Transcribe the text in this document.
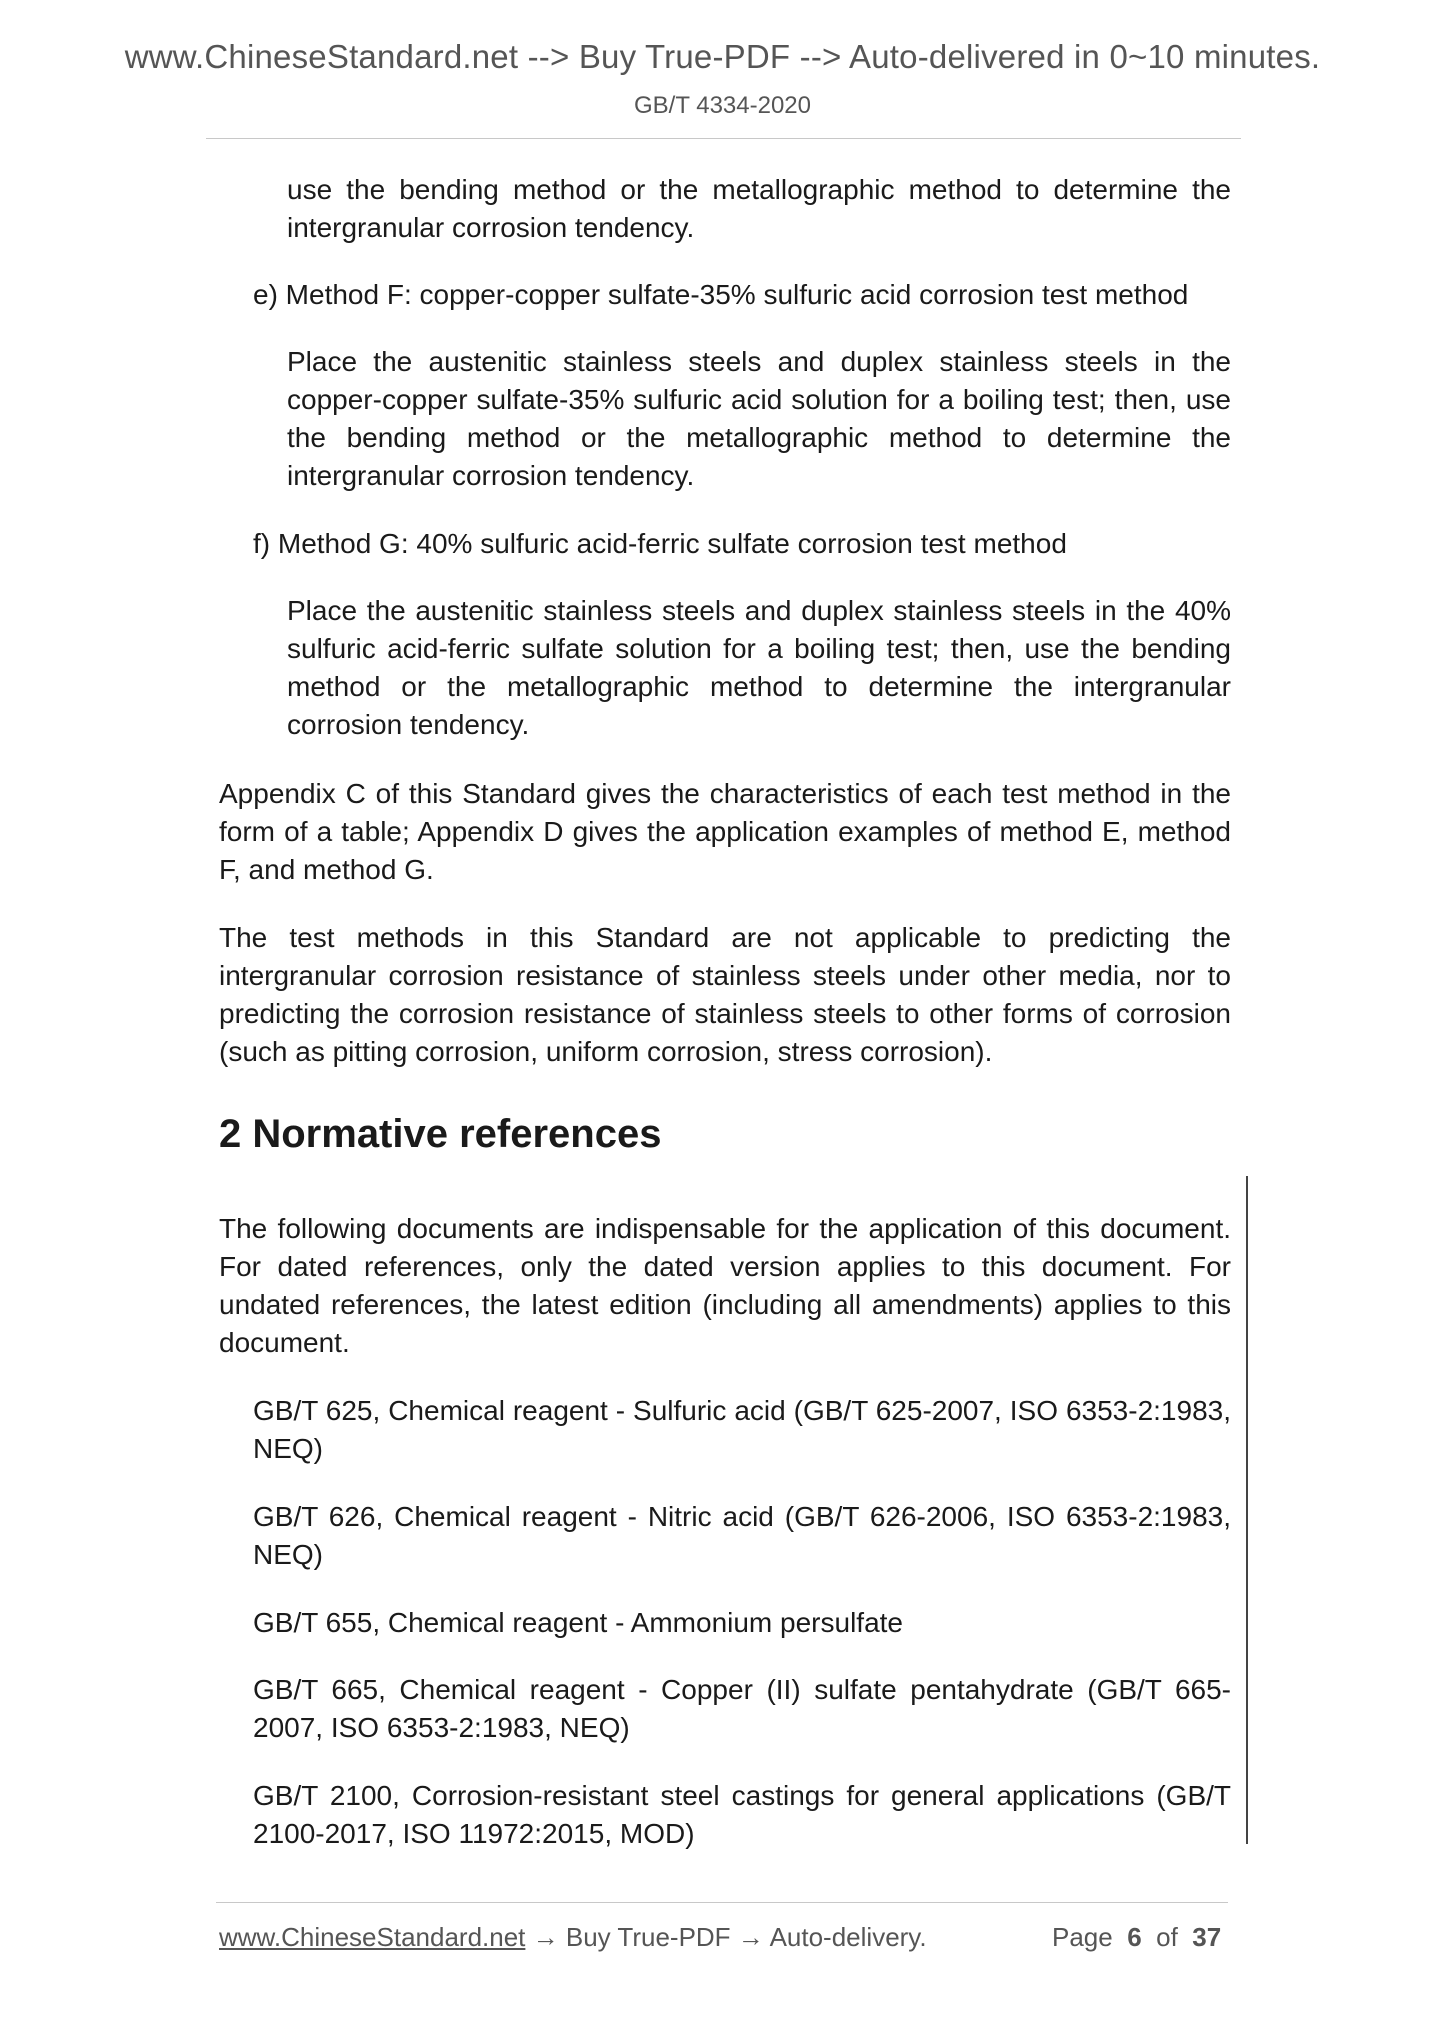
www.ChineseStandard.net --> Buy True-PDF --> Auto-delivered in 0~10 minutes.
GB/T 4334-2020

use the bending method or the metallographic method to determine the intergranular corrosion tendency.

e) Method F: copper-copper sulfate-35% sulfuric acid corrosion test method

Place the austenitic stainless steels and duplex stainless steels in the copper-copper sulfate-35% sulfuric acid solution for a boiling test; then, use the bending method or the metallographic method to determine the intergranular corrosion tendency.

f) Method G: 40% sulfuric acid-ferric sulfate corrosion test method

Place the austenitic stainless steels and duplex stainless steels in the 40% sulfuric acid-ferric sulfate solution for a boiling test; then, use the bending method or the metallographic method to determine the intergranular corrosion tendency.

Appendix C of this Standard gives the characteristics of each test method in the form of a table; Appendix D gives the application examples of method E, method F, and method G.

The test methods in this Standard are not applicable to predicting the intergranular corrosion resistance of stainless steels under other media, nor to predicting the corrosion resistance of stainless steels to other forms of corrosion (such as pitting corrosion, uniform corrosion, stress corrosion).

2 Normative references

The following documents are indispensable for the application of this document. For dated references, only the dated version applies to this document. For undated references, the latest edition (including all amendments) applies to this document.

GB/T 625, Chemical reagent - Sulfuric acid (GB/T 625-2007, ISO 6353-2:1983, NEQ)

GB/T 626, Chemical reagent - Nitric acid (GB/T 626-2006, ISO 6353-2:1983, NEQ)

GB/T 655, Chemical reagent - Ammonium persulfate

GB/T 665, Chemical reagent - Copper (II) sulfate pentahydrate (GB/T 665-2007, ISO 6353-2:1983, NEQ)

GB/T 2100, Corrosion-resistant steel castings for general applications (GB/T 2100-2017, ISO 11972:2015, MOD)

www.ChineseStandard.net → Buy True-PDF → Auto-delivery.	Page 6 of 37
